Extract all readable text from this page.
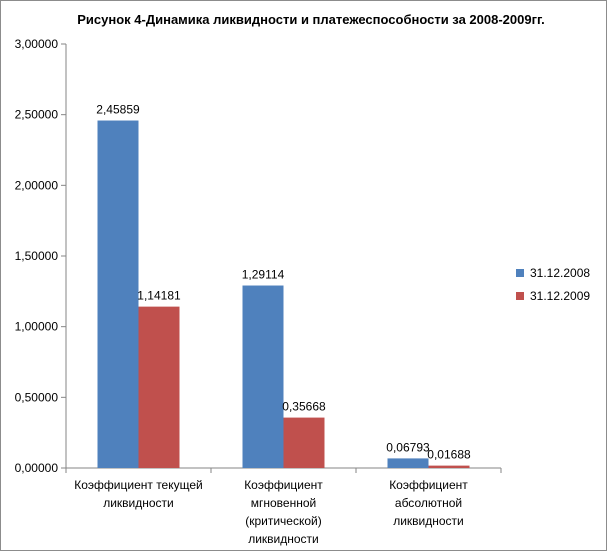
Рисунок 4-Динамика ликвидности и платежеспособности за 2008-2009гг.
0,00000
0,50000
1,00000
1,50000
2,00000
2,50000
3,00000
2,45859
1,14181
1,29114
0,35668
0,06793
0,01688
Коэффициент текущей ликвидности
Коэффициент мгновенной (критической) ликвидности
Коэффициент абсолютной ликвидности
31.12.2008
31.12.2009
